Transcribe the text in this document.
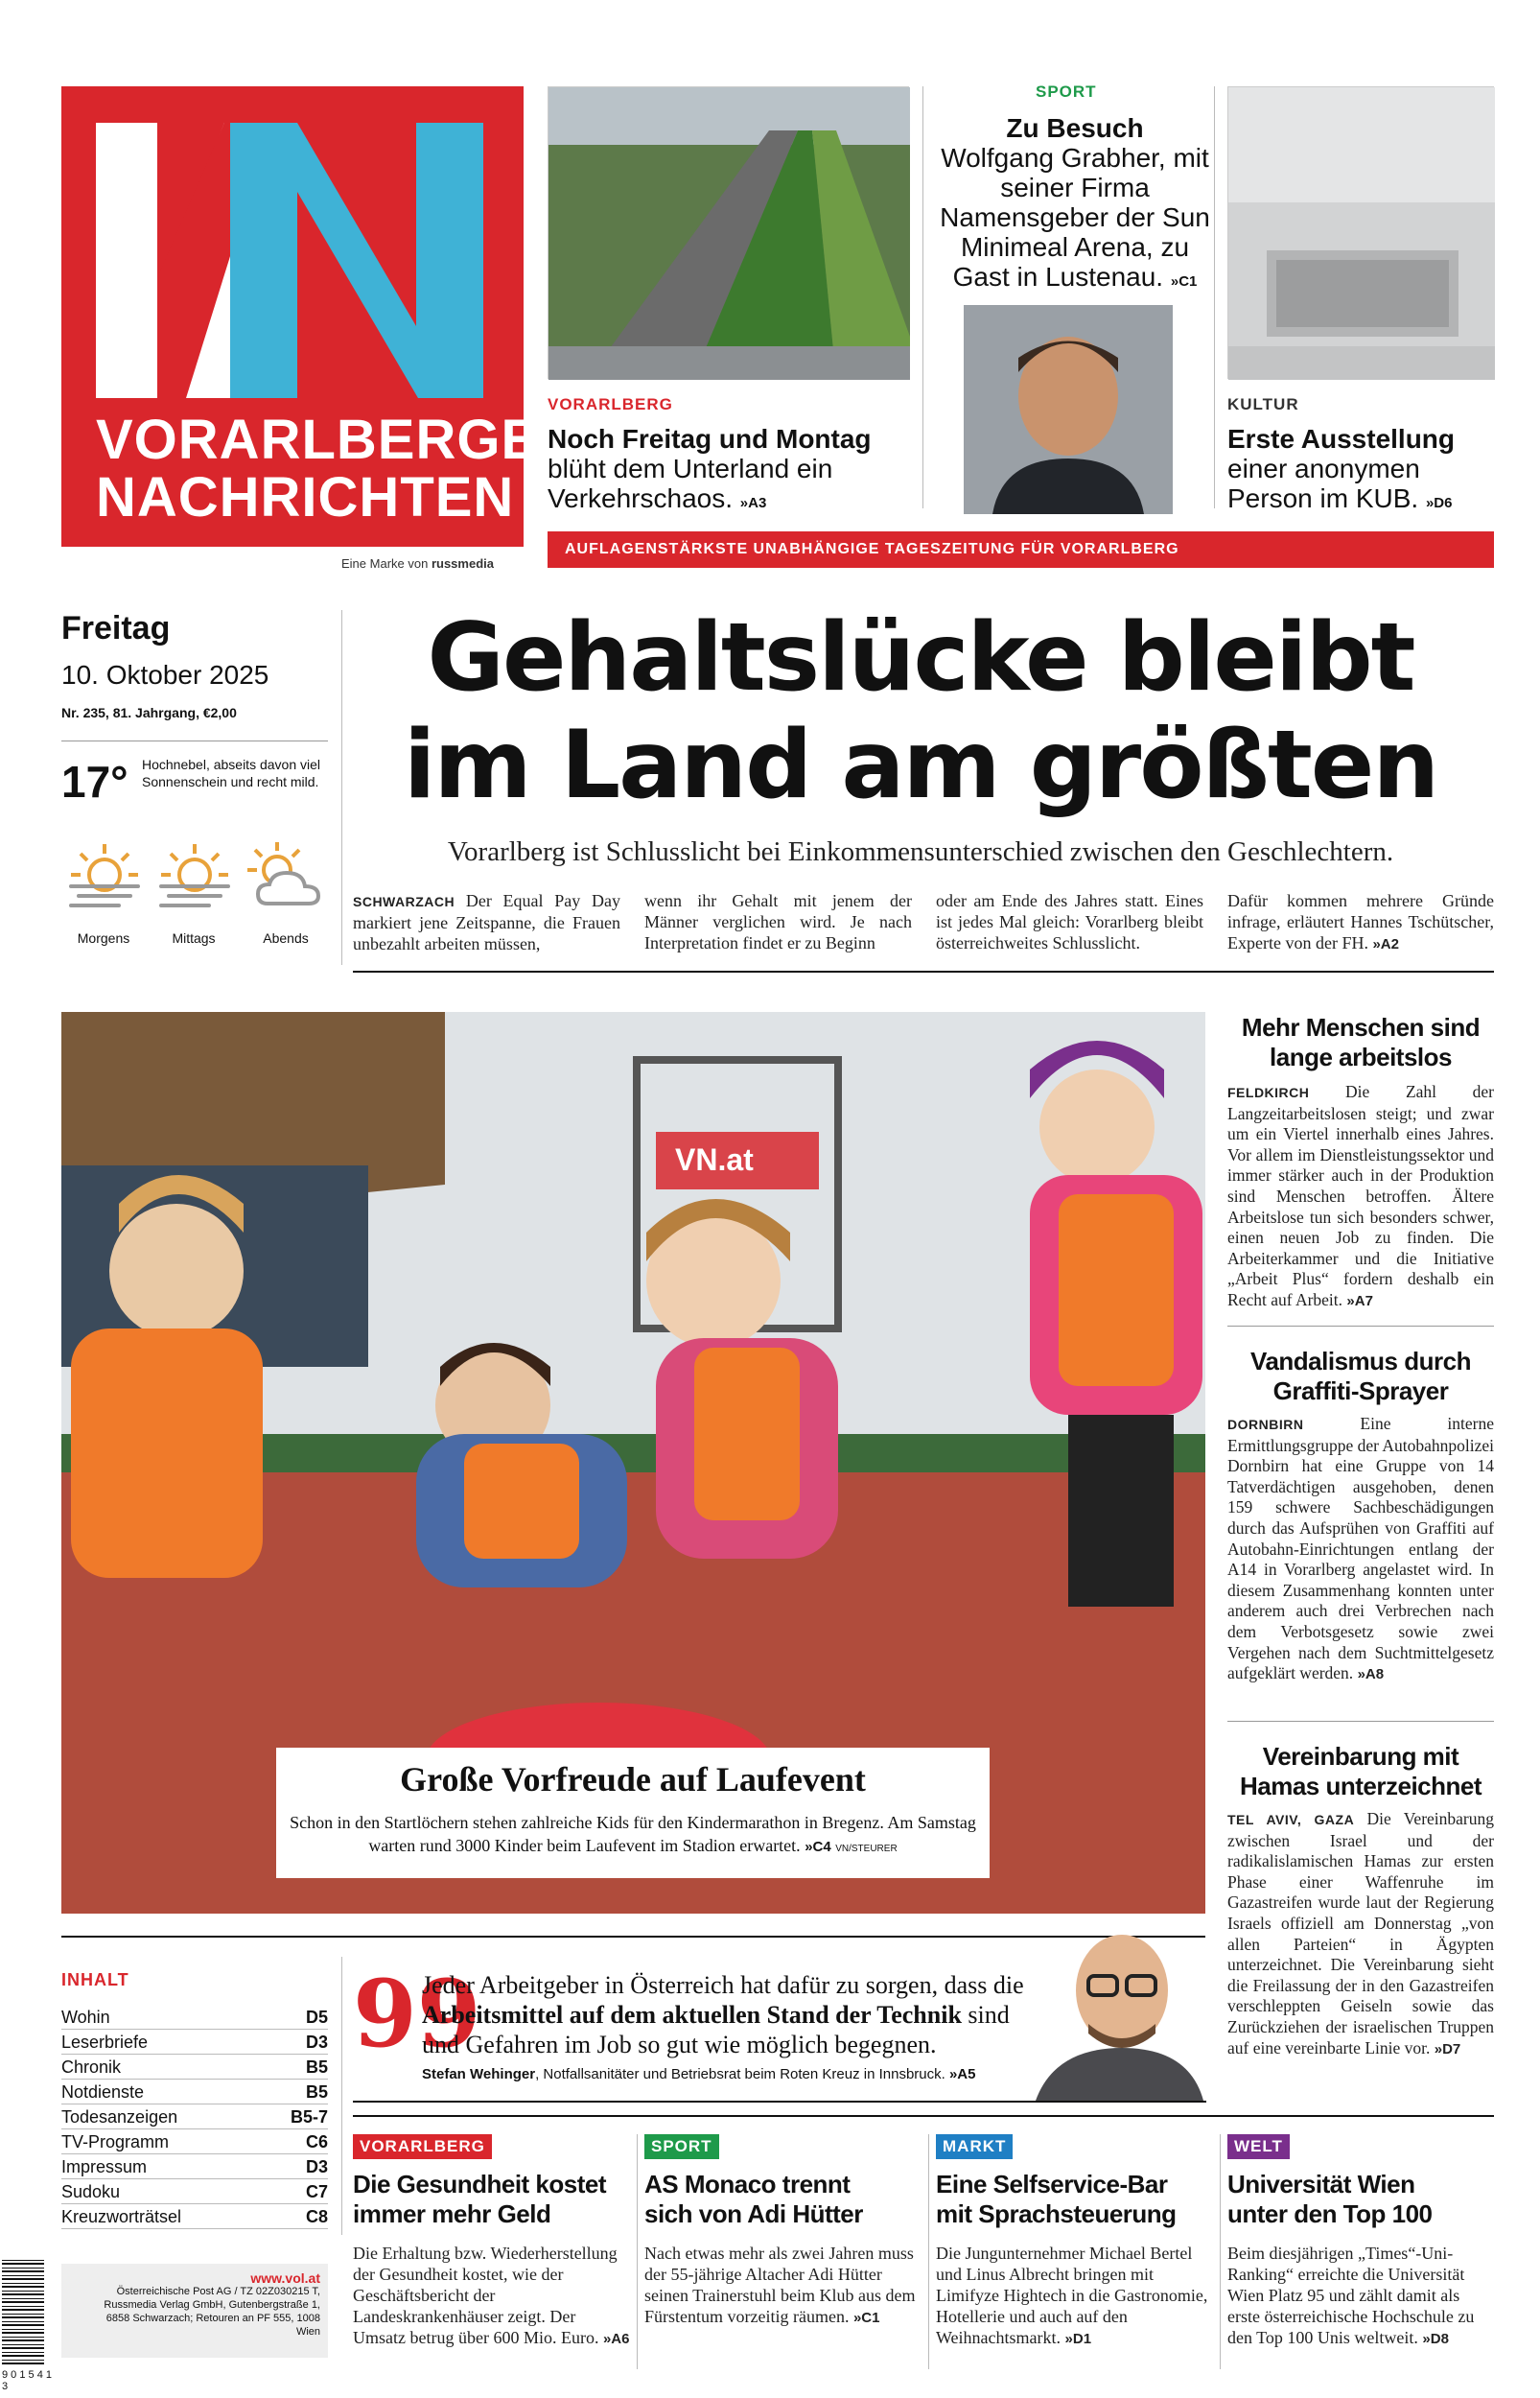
VORARLBERGER
NACHRICHTEN
Eine Marke von russmedia
VORARLBERG
Noch Freitag und Montag blüht dem Unterland ein Verkehrschaos. »A3
SPORT
Zu Besuch
Wolfgang Grabher, mit seiner Firma Namensgeber der Sun Minimeal Arena, zu Gast in Lustenau. »C1
KULTUR
Erste Ausstellung einer anonymen Person im KUB. »D6
AUFLAGENSTÄRKSTE UNABHÄNGIGE TAGESZEITUNG FÜR VORARLBERG
Freitag
10. Oktober 2025
Nr. 235, 81. Jahrgang, €2,00
17° Hochnebel, abseits davon viel Sonnenschein und recht mild.
Morgens	Mittags	Abends
Gehaltslücke bleibt
im Land am größten
Vorarlberg ist Schlusslicht bei Einkommensunterschied zwischen den Geschlechtern.
SCHWARZACH Der Equal Pay Day markiert jene Zeitspanne, die Frauen unbezahlt arbeiten müssen,
wenn ihr Gehalt mit jenem der Männer verglichen wird. Je nach Interpretation findet er zu Beginn
oder am Ende des Jahres statt. Eines ist jedes Mal gleich: Vorarlberg bleibt österreichweites Schlusslicht.
Dafür kommen mehrere Gründe infrage, erläutert Hannes Tschütscher, Experte von der FH. »A2
VN.at
Große Vorfreude auf Laufevent
Schon in den Startlöchern stehen zahlreiche Kids für den Kindermarathon in Bregenz. Am Samstag warten rund 3000 Kinder beim Laufevent im Stadion erwartet. »C4 VN/STEURER
Mehr Menschen sind
lange arbeitslos
FELDKIRCH Die Zahl der Langzeitarbeitslosen steigt; und zwar um ein Viertel innerhalb eines Jahres. Vor allem im Dienstleistungssektor und immer stärker auch in der Produktion sind Menschen betroffen. Ältere Arbeitslose tun sich besonders schwer, einen neuen Job zu finden. Die Arbeiterkammer und die Initiative „Arbeit Plus“ fordern deshalb ein Recht auf Arbeit. »A7
Vandalismus durch
Graffiti-Sprayer
DORNBIRN Eine interne Ermittlungsgruppe der Autobahnpolizei Dornbirn hat eine Gruppe von 14 Tatverdächtigen ausgehoben, denen 159 schwere Sachbeschädigungen durch das Aufsprühen von Graffiti auf Autobahn-Einrichtungen entlang der A14 in Vorarlberg angelastet wird. In diesem Zusammenhang konnten unter anderem auch drei Verbrechen nach dem Verbotsgesetz sowie zwei Vergehen nach dem Suchtmittelgesetz aufgeklärt werden. »A8
Vereinbarung mit
Hamas unterzeichnet
TEL AVIV, GAZA Die Vereinbarung zwischen Israel und der radikalislamischen Hamas zur ersten Phase einer Waffenruhe im Gazastreifen wurde laut der Regierung Israels offiziell am Donnerstag „von allen Parteien“ in Ägypten unterzeichnet. Die Vereinbarung sieht die Freilassung der in den Gazastreifen verschleppten Geiseln sowie das Zurückziehen der israelischen Truppen auf eine vereinbarte Linie vor. »D7
INHALT
Wohin	D5
Leserbriefe	D3
Chronik	B5
Notdienste	B5
Todesanzeigen	B5-7
TV-Programm	C6
Impressum	D3
Sudoku	C7
Kreuzworträtsel	C8
www.vol.at
Österreichische Post AG / TZ 02Z030215 T,
Russmedia Verlag GmbH, Gutenbergstraße 1,
6858 Schwarzach; Retouren an PF 555, 1008 Wien
9 0 1 5 4 1 3
99
Jeder Arbeitgeber in Österreich hat dafür zu sorgen, dass die Arbeitsmittel auf dem aktuellen Stand der Technik sind und Gefahren im Job so gut wie möglich begegnen.
Stefan Wehinger, Notfallsanitäter und Betriebsrat beim Roten Kreuz in Innsbruck. »A5
VORARLBERG
Die Gesundheit kostet
immer mehr Geld
Die Erhaltung bzw. Wiederherstellung der Gesundheit kostet, wie der Geschäftsbericht der Landeskrankenhäuser zeigt. Der Umsatz betrug über 600 Mio. Euro. »A6
SPORT
AS Monaco trennt
sich von Adi Hütter
Nach etwas mehr als zwei Jahren muss der 55-jährige Altacher Adi Hütter seinen Trainerstuhl beim Klub aus dem Fürstentum vorzeitig räumen. »C1
MARKT
Eine Selfservice-Bar
mit Sprachsteuerung
Die Jungunternehmer Michael Bertel und Linus Albrecht bringen mit Limifyze Hightech in die Gastronomie, Hotellerie und auch auf den Weihnachtsmarkt. »D1
WELT
Universität Wien
unter den Top 100
Beim diesjährigen „Times“-Uni-Ranking“ erreichte die Universität Wien Platz 95 und zählt damit als erste österreichische Hochschule zu den Top 100 Unis weltweit. »D8
